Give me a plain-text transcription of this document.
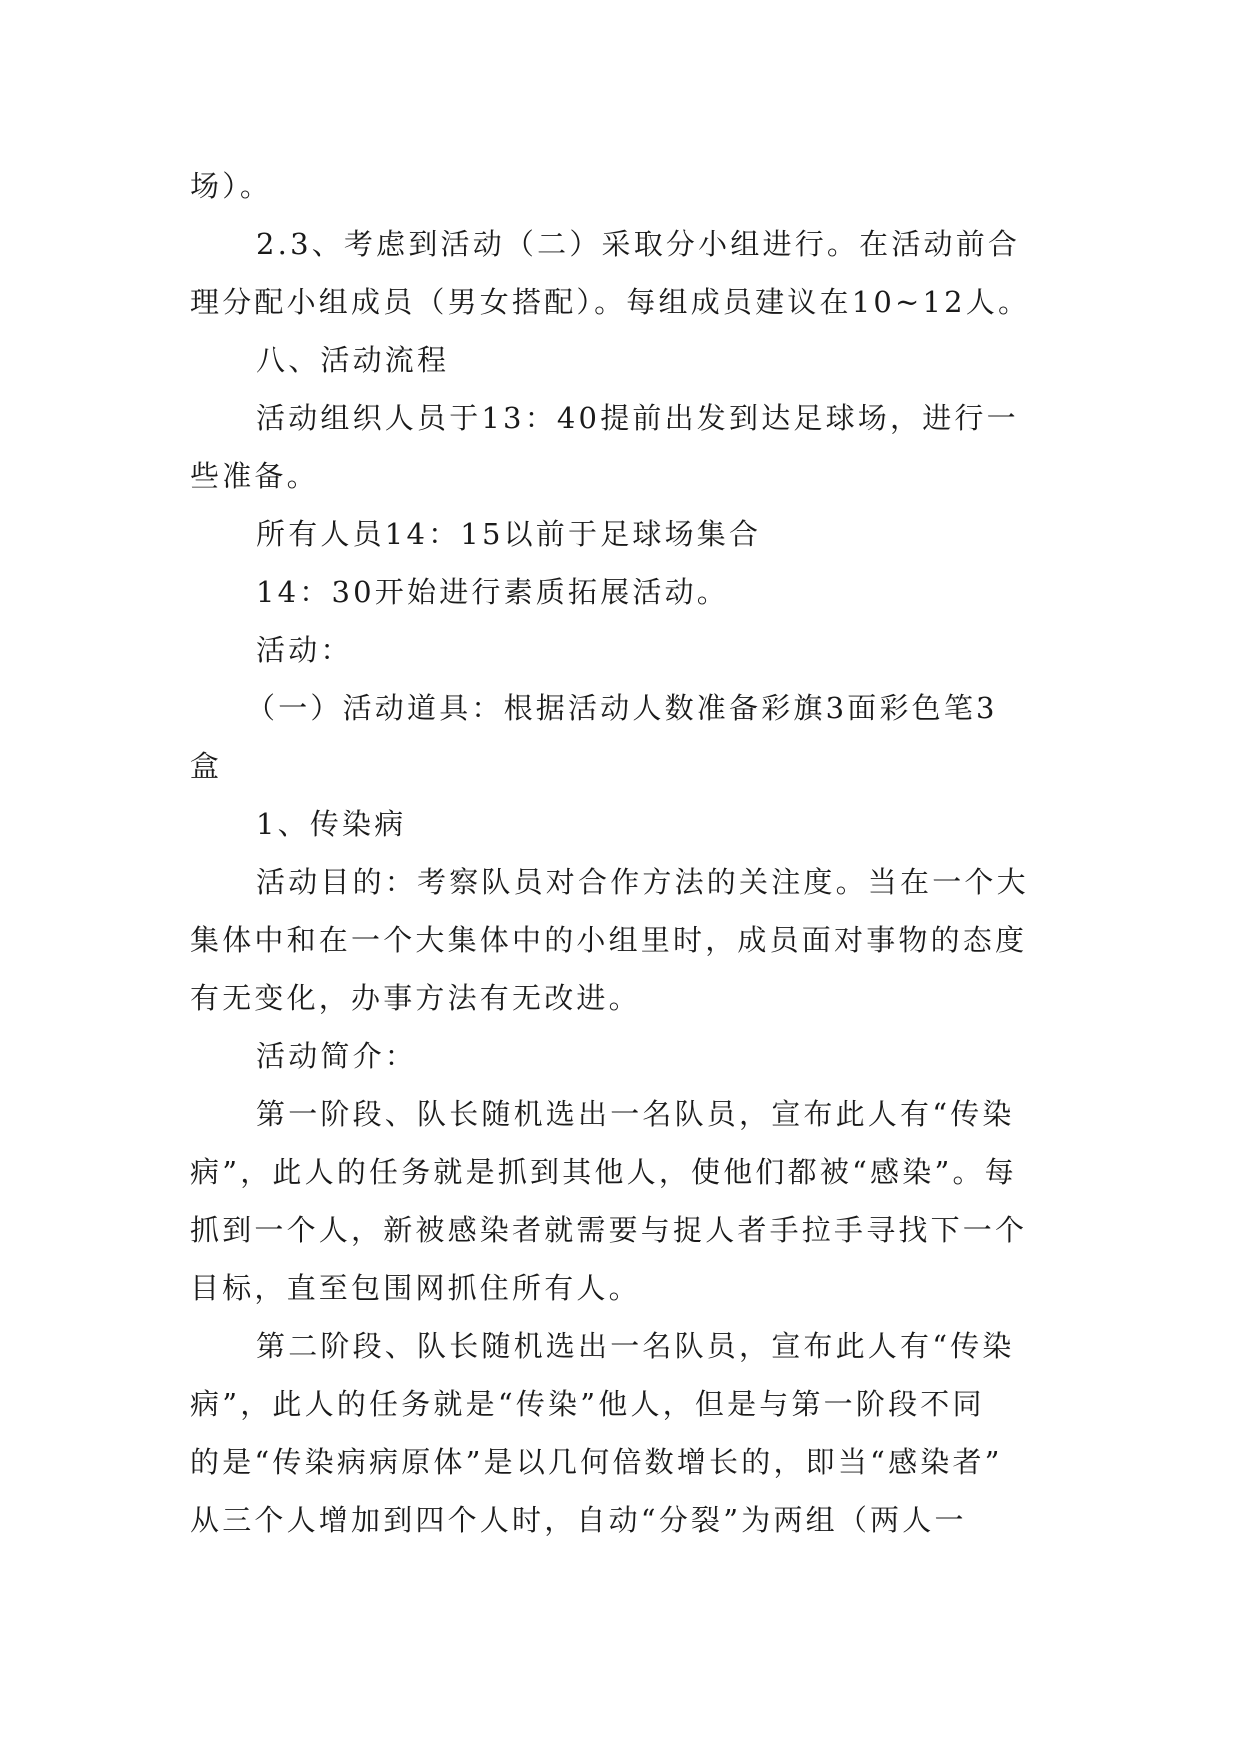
场）。
2.3、考虑到活动（二）采取分小组进行。在活动前合
理分配小组成员（男女搭配）。每组成员建议在10~12人。
八、活动流程
活动组织人员于13：40提前出发到达足球场，进行一
些准备。
所有人员14：15以前于足球场集合
14：30开始进行素质拓展活动。
活动：
（一）活动道具：根据活动人数准备彩旗3面彩色笔3
盒
1、传染病
活动目的：考察队员对合作方法的关注度。当在一个大
集体中和在一个大集体中的小组里时，成员面对事物的态度
有无变化，办事方法有无改进。
活动简介：
第一阶段、队长随机选出一名队员，宣布此人有“传染
病”，此人的任务就是抓到其他人，使他们都被“感染”。每
抓到一个人，新被感染者就需要与捉人者手拉手寻找下一个
目标，直至包围网抓住所有人。
第二阶段、队长随机选出一名队员，宣布此人有“传染
病”，此人的任务就是“传染”他人，但是与第一阶段不同
的是“传染病病原体”是以几何倍数增长的，即当“感染者”
从三个人增加到四个人时，自动“分裂”为两组（两人一
